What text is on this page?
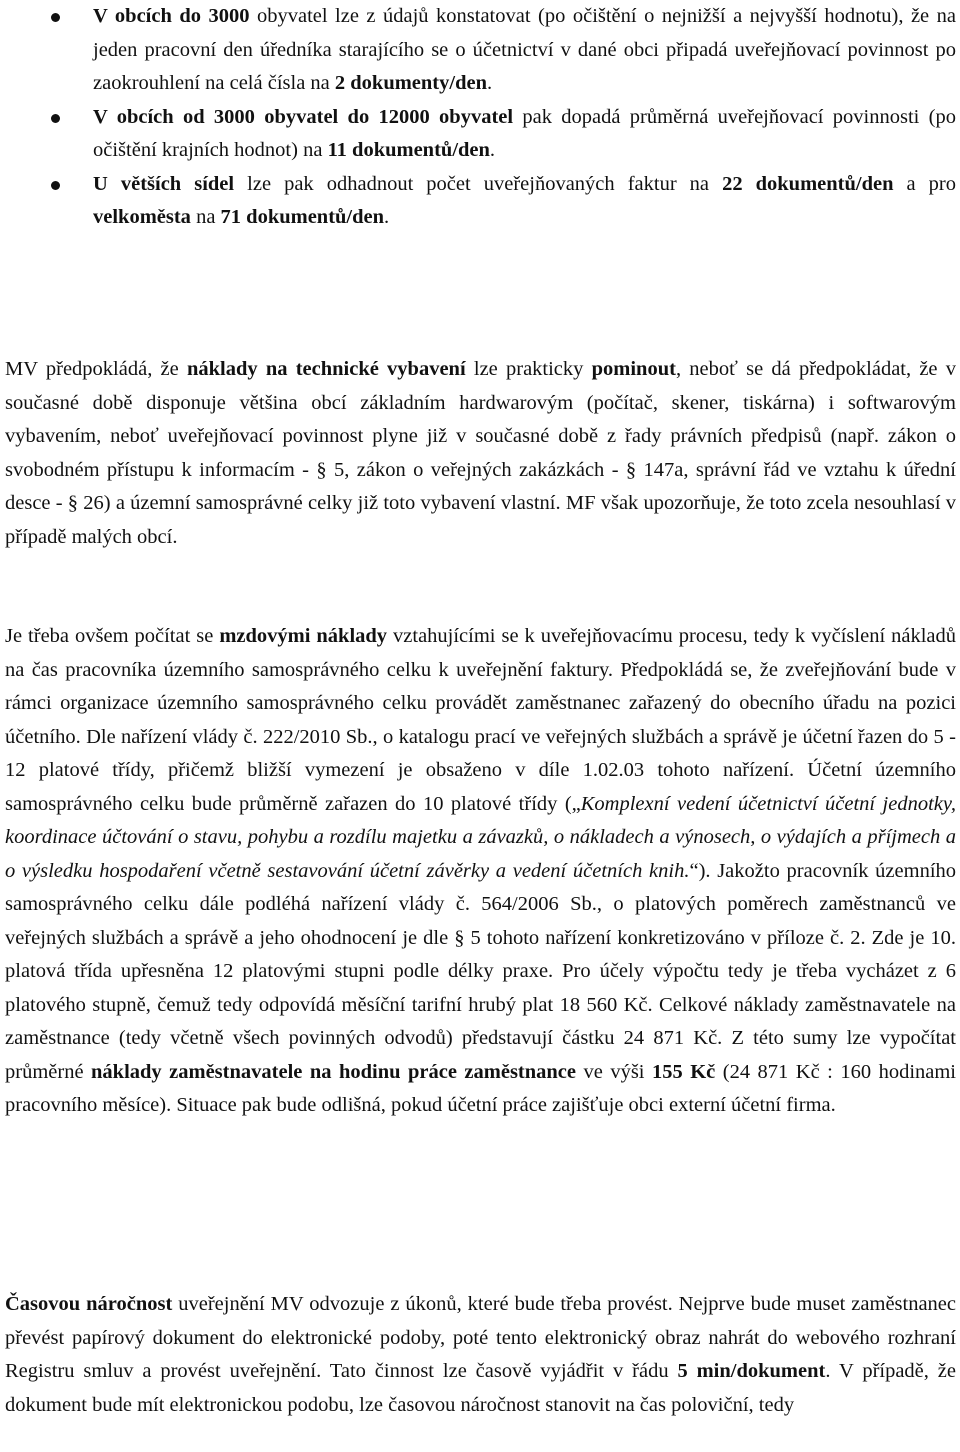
V obcích do 3000 obyvatel lze z údajů konstatovat (po očištění o nejnižší a nejvyšší hodnotu), že na jeden pracovní den úředníka starajícího se o účetnictví v dané obci připadá uveřejňovací povinnost po zaokrouhlení na celá čísla na 2 dokumenty/den.
V obcích od 3000 obyvatel do 12000 obyvatel pak dopadá průměrná uveřejňovací povinnosti (po očištění krajních hodnot) na 11 dokumentů/den.
U větších sídel lze pak odhadnout počet uveřejňovaných faktur na 22 dokumentů/den a pro velkoměsta na 71 dokumentů/den.

MV předpokládá, že náklady na technické vybavení lze prakticky pominout, neboť se dá předpokládat, že v současné době disponuje většina obcí základním hardwarovým (počítač, skener, tiskárna) i softwarovým vybavením, neboť uveřejňovací povinnost plyne již v současné době z řady právních předpisů (např. zákon o svobodném přístupu k informacím - § 5, zákon o veřejných zakázkách - § 147a, správní řád ve vztahu k úřední desce - § 26) a územní samosprávné celky již toto vybavení vlastní. MF však upozorňuje, že toto zcela nesouhlasí v případě malých obcí.

Je třeba ovšem počítat se mzdovými náklady vztahujícími se k uveřejňovacímu procesu, tedy k vyčíslení nákladů na čas pracovníka územního samosprávného celku k uveřejnění faktury. Předpokládá se, že zveřejňování bude v rámci organizace územního samosprávného celku provádět zaměstnanec zařazený do obecního úřadu na pozici účetního. Dle nařízení vlády č. 222/2010 Sb., o katalogu prací ve veřejných službách a správě je účetní řazen do 5 - 12 platové třídy, přičemž bližší vymezení je obsaženo v díle 1.02.03 tohoto nařízení. Účetní územního samosprávného celku bude průměrně zařazen do 10 platové třídy („Komplexní vedení účetnictví účetní jednotky, koordinace účtování o stavu, pohybu a rozdílu majetku a závazků, o nákladech a výnosech, o výdajích a příjmech a o výsledku hospodaření včetně sestavování účetní závěrky a vedení účetních knih.“). Jakožto pracovník územního samosprávného celku dále podléhá nařízení vlády č. 564/2006 Sb., o platových poměrech zaměstnanců ve veřejných službách a správě a jeho ohodnocení je dle § 5 tohoto nařízení konkretizováno v příloze č. 2. Zde je 10. platová třída upřesněna 12 platovými stupni podle délky praxe. Pro účely výpočtu tedy je třeba vycházet z 6 platového stupně, čemuž tedy odpovídá měsíční tarifní hrubý plat 18 560 Kč. Celkové náklady zaměstnavatele na zaměstnance (tedy včetně všech povinných odvodů) představují částku 24 871 Kč. Z této sumy lze vypočítat průměrné náklady zaměstnavatele na hodinu práce zaměstnance ve výši 155 Kč (24 871 Kč : 160 hodinami pracovního měsíce). Situace pak bude odlišná, pokud účetní práce zajišťuje obci externí účetní firma.

Časovou náročnost uveřejnění MV odvozuje z úkonů, které bude třeba provést. Nejprve bude muset zaměstnanec převést papírový dokument do elektronické podoby, poté tento elektronický obraz nahrát do webového rozhraní Registru smluv a provést uveřejnění. Tato činnost lze časově vyjádřit v řádu 5 min/dokument. V případě, že dokument bude mít elektronickou podobu, lze časovou náročnost stanovit na čas poloviční, tedy
